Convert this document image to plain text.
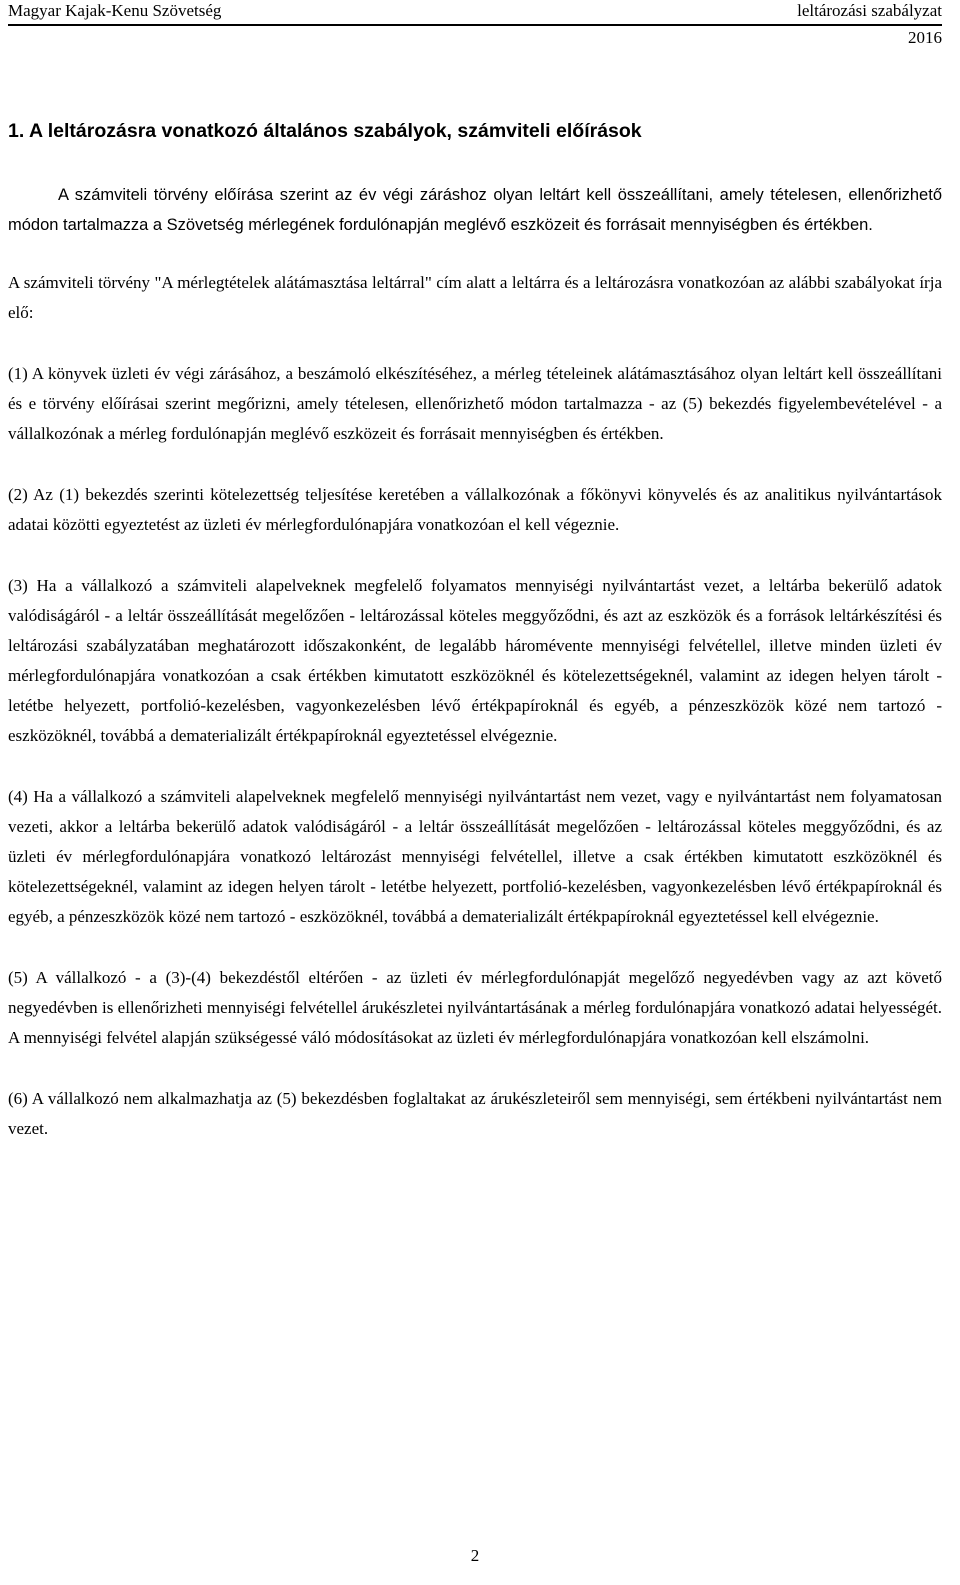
Magyar Kajak-Kenu Szövetség	leltározási szabályzat
2016
1. A leltározásra vonatkozó általános szabályok, számviteli előírások

A számviteli törvény előírása szerint az év végi záráshoz olyan leltárt kell összeállítani, amely tételesen, ellenőrizhető módon tartalmazza a Szövetség mérlegének fordulónapján meglévő eszközeit és forrásait mennyiségben és értékben.

A számviteli törvény "A mérlegtételek alátámasztása leltárral" cím alatt a leltárra és a leltározásra vonatkozóan az alábbi szabályokat írja elő:

(1) A könyvek üzleti év végi zárásához, a beszámoló elkészítéséhez, a mérleg tételeinek alátámasztásához olyan leltárt kell összeállítani és e törvény előírásai szerint megőrizni, amely tételesen, ellenőrizhető módon tartalmazza - az (5) bekezdés figyelembevételével - a vállalkozónak a mérleg fordulónapján meglévő eszközeit és forrásait mennyiségben és értékben.

(2) Az (1) bekezdés szerinti kötelezettség teljesítése keretében a vállalkozónak a főkönyvi könyvelés és az analitikus nyilvántartások adatai közötti egyeztetést az üzleti év mérlegfordulónapjára vonatkozóan el kell végeznie.

(3) Ha a vállalkozó a számviteli alapelveknek megfelelő folyamatos mennyiségi nyilvántartást vezet, a leltárba bekerülő adatok valódiságáról - a leltár összeállítását megelőzően - leltározással köteles meggyőződni, és azt az eszközök és a források leltárkészítési és leltározási szabályzatában meghatározott időszakonként, de legalább háromévente mennyiségi felvétellel, illetve minden üzleti év mérlegfordulónapjára vonatkozóan a csak értékben kimutatott eszközöknél és kötelezettségeknél, valamint az idegen helyen tárolt - letétbe helyezett, portfolió-kezelésben, vagyonkezelésben lévő értékpapíroknál és egyéb, a pénzeszközök közé nem tartozó - eszközöknél, továbbá a dematerializált értékpapíroknál egyeztetéssel elvégeznie.

(4) Ha a vállalkozó a számviteli alapelveknek megfelelő mennyiségi nyilvántartást nem vezet, vagy e nyilvántartást nem folyamatosan vezeti, akkor a leltárba bekerülő adatok valódiságáról - a leltár összeállítását megelőzően - leltározással köteles meggyőződni, és az üzleti év mérlegfordulónapjára vonatkozó leltározást mennyiségi felvétellel, illetve a csak értékben kimutatott eszközöknél és kötelezettségeknél, valamint az idegen helyen tárolt - letétbe helyezett, portfolió-kezelésben, vagyonkezelésben lévő értékpapíroknál és egyéb, a pénzeszközök közé nem tartozó - eszközöknél, továbbá a dematerializált értékpapíroknál egyeztetéssel kell elvégeznie.

(5) A vállalkozó - a (3)-(4) bekezdéstől eltérően - az üzleti év mérlegfordulónapját megelőző negyedévben vagy az azt követő negyedévben is ellenőrizheti mennyiségi felvétellel árukészletei nyilvántartásának a mérleg fordulónapjára vonatkozó adatai helyességét. A mennyiségi felvétel alapján szükségessé váló módosításokat az üzleti év mérlegfordulónapjára vonatkozóan kell elszámolni.

(6) A vállalkozó nem alkalmazhatja az (5) bekezdésben foglaltakat az árukészleteiről sem mennyiségi, sem értékbeni nyilvántartást nem vezet.

2
